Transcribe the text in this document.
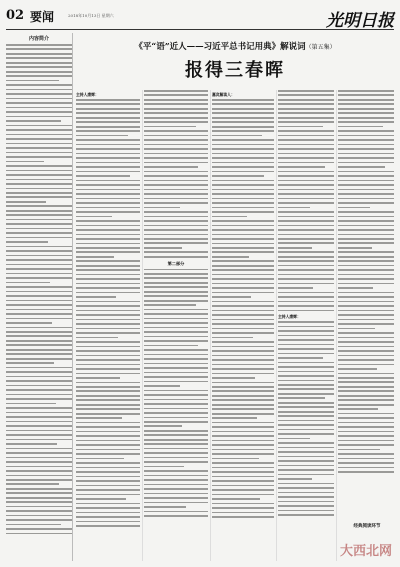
02 要闻	2018年10月13日 星期六	光明日报
内容简介
《平“语”近人——习近平总书记用典》解说词（第五集）
报得三春晖
主持人康辉：
第二部分
嘉宾解读人：
主持人康辉：
经典阅读环节
大西北网
